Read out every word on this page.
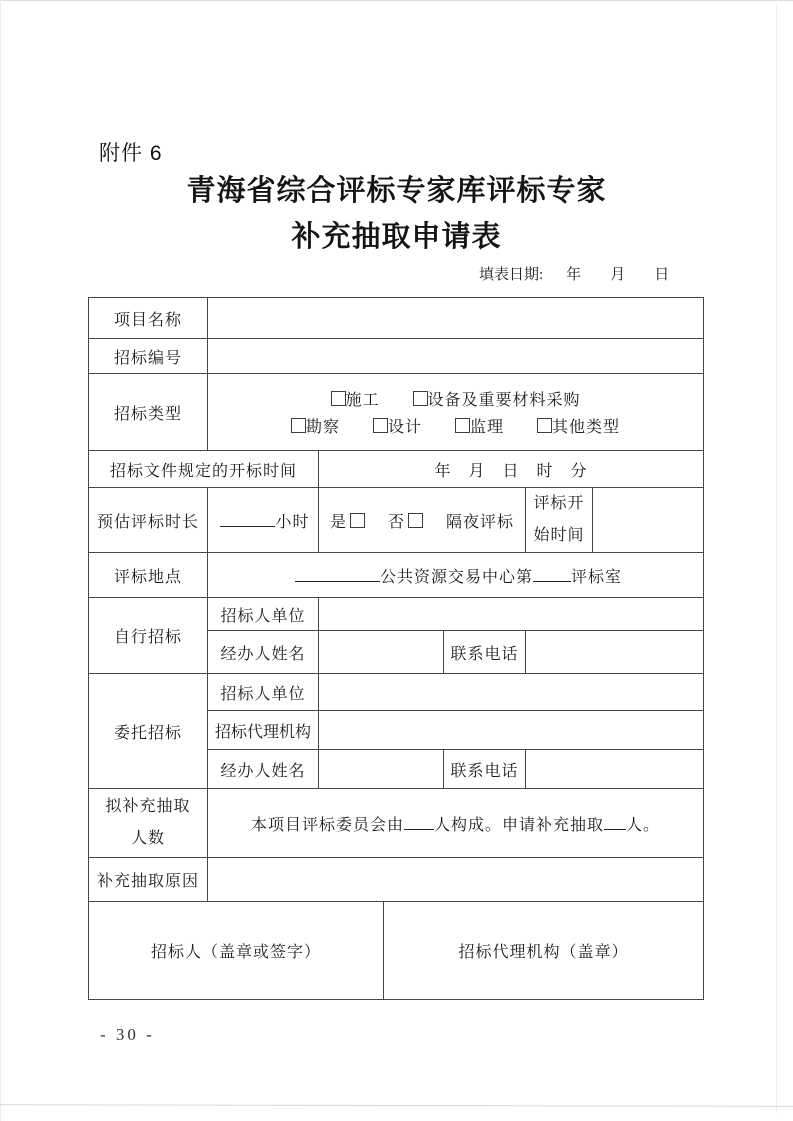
附件 6
青海省综合评标专家库评标专家
补充抽取申请表
填表日期: 年 月 日
项目名称						
招标编号						
招标类型	施工 设备及重要材料采购
勘察 设计 监理 其他类型					

招标文件规定的开标时间		年　月　日　时　分				
预估评标时长	小时	是 否 隔夜评标			评标开
始时间	

评标地点	公共资源交易中心第 评标室					
自行招标	招标人单位					
	经办人姓名			联系电话		
委托招标	招标人单位					
	招标代理机构					
	经办人姓名			联系电话		

拟补充抽取
人数	本项目评标委员会由 人构成。申请补充抽取 人。					
补充抽取原因						
招标人（盖章或签字）			招标代理机构（盖章）			
- 30 -
